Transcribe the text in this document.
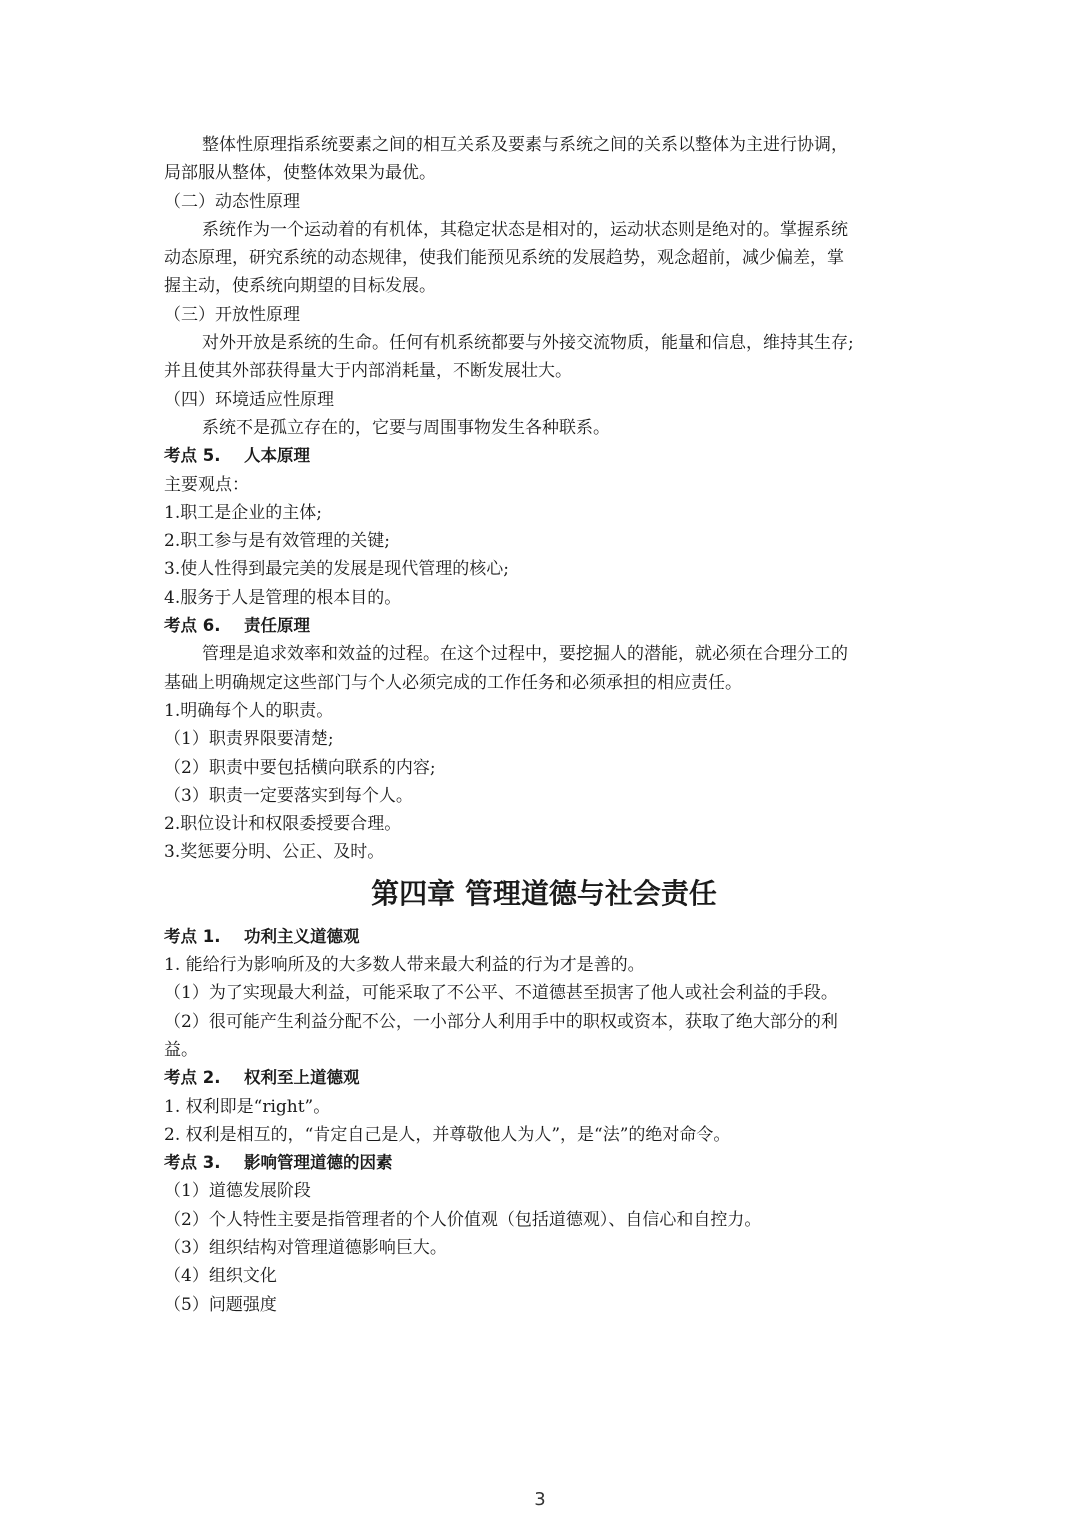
整体性原理指系统要素之间的相互关系及要素与系统之间的关系以整体为主进行协调，
局部服从整体，使整体效果为最优。
（二）动态性原理
系统作为一个运动着的有机体，其稳定状态是相对的，运动状态则是绝对的。掌握系统
动态原理，研究系统的动态规律，使我们能预见系统的发展趋势，观念超前，减少偏差，掌
握主动，使系统向期望的目标发展。
（三）开放性原理
对外开放是系统的生命。任何有机系统都要与外接交流物质，能量和信息，维持其生存;
并且使其外部获得量大于内部消耗量，不断发展壮大。
（四）环境适应性原理
系统不是孤立存在的，它要与周围事物发生各种联系。
考点 5. 人本原理
主要观点：
1.职工是企业的主体;
2.职工参与是有效管理的关键;
3.使人性得到最完美的发展是现代管理的核心;
4.服务于人是管理的根本目的。
考点 6. 责任原理
管理是追求效率和效益的过程。在这个过程中，要挖掘人的潜能，就必须在合理分工的
基础上明确规定这些部门与个人必须完成的工作任务和必须承担的相应责任。
1.明确每个人的职责。
（1）职责界限要清楚;
（2）职责中要包括横向联系的内容;
（3）职责一定要落实到每个人。
2.职位设计和权限委授要合理。
3.奖惩要分明、公正、及时。
第四章 管理道德与社会责任
考点 1. 功利主义道德观
1. 能给行为影响所及的大多数人带来最大利益的行为才是善的。
（1）为了实现最大利益，可能采取了不公平、不道德甚至损害了他人或社会利益的手段。
（2）很可能产生利益分配不公，一小部分人利用手中的职权或资本，获取了绝大部分的利
益。
考点 2. 权利至上道德观
1. 权利即是“right”。
2. 权利是相互的，“肯定自己是人，并尊敬他人为人”，是“法”的绝对命令。
考点 3. 影响管理道德的因素
（1）道德发展阶段
（2）个人特性主要是指管理者的个人价值观（包括道德观）、自信心和自控力。
（3）组织结构对管理道德影响巨大。
（4）组织文化
（5）问题强度
3
